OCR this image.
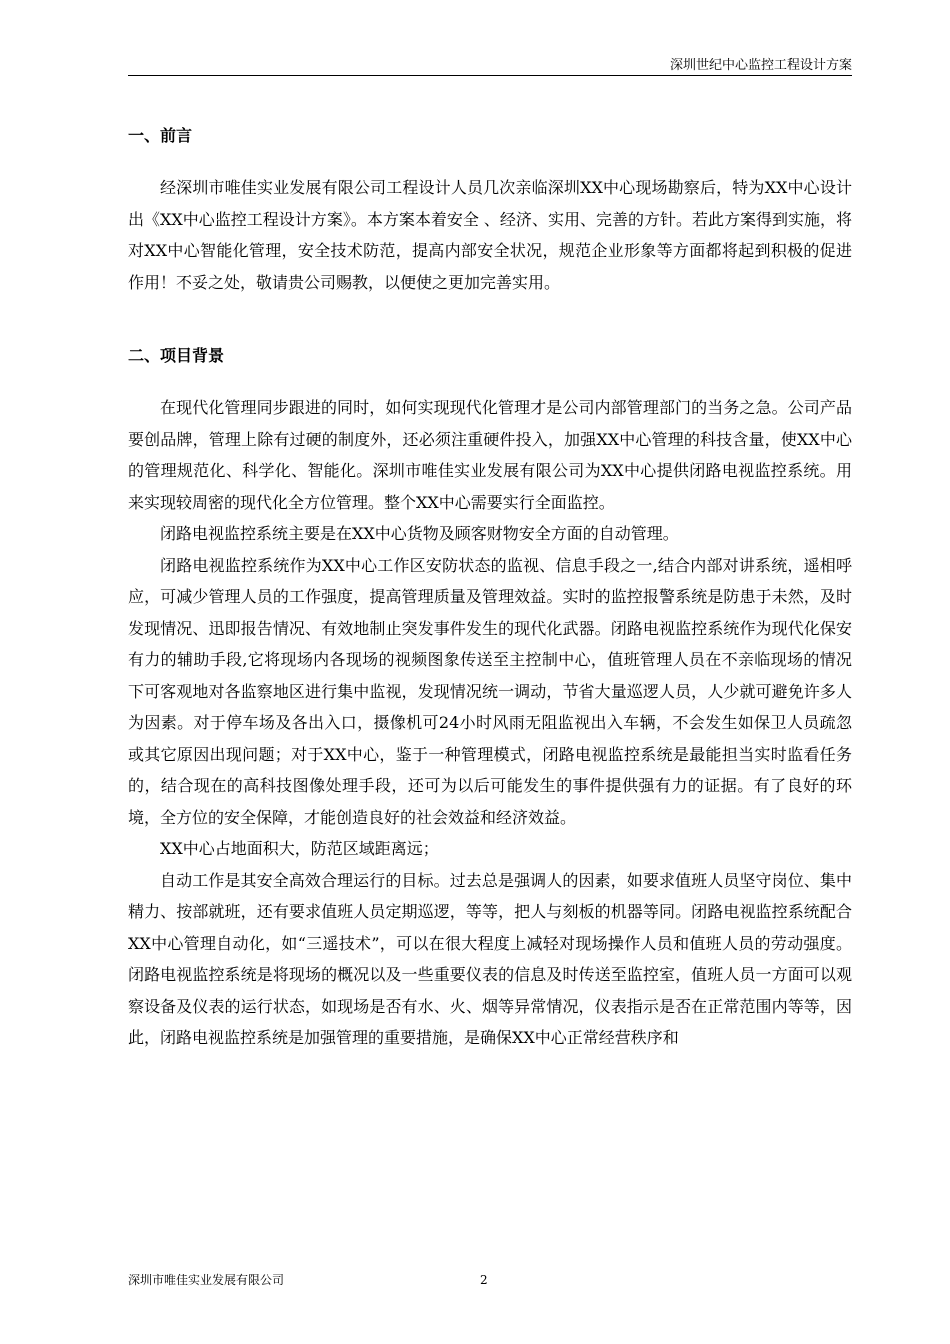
深圳世纪中心监控工程设计方案
一、前言

经深圳市唯佳实业发展有限公司工程设计人员几次亲临深圳XX中心现场勘察后，特为XX中心设计出《XX中心监控工程设计方案》。本方案本着安全 、经济、实用、完善的方针。若此方案得到实施，将对XX中心智能化管理，安全技术防范，提高内部安全状况，规范企业形象等方面都将起到积极的促进作用！不妥之处，敬请贵公司赐教，以便使之更加完善实用。

二、项目背景

在现代化管理同步跟进的同时，如何实现现代化管理才是公司内部管理部门的当务之急。公司产品要创品牌，管理上除有过硬的制度外，还必须注重硬件投入，加强XX中心管理的科技含量，使XX中心的管理规范化、科学化、智能化。深圳市唯佳实业发展有限公司为XX中心提供闭路电视监控系统。用来实现较周密的现代化全方位管理。整个XX中心需要实行全面监控。

闭路电视监控系统主要是在XX中心货物及顾客财物安全方面的自动管理。

闭路电视监控系统作为XX中心工作区安防状态的监视、信息手段之一,结合内部对讲系统，遥相呼应，可减少管理人员的工作强度，提高管理质量及管理效益。实时的监控报警系统是防患于未然，及时发现情况、迅即报告情况、有效地制止突发事件发生的现代化武器。闭路电视监控系统作为现代化保安有力的辅助手段,它将现场内各现场的视频图象传送至主控制中心，值班管理人员在不亲临现场的情况下可客观地对各监察地区进行集中监视，发现情况统一调动，节省大量巡逻人员，人少就可避免许多人为因素。对于停车场及各出入口，摄像机可24小时风雨无阻监视出入车辆，不会发生如保卫人员疏忽或其它原因出现问题；对于XX中心，鉴于一种管理模式，闭路电视监控系统是最能担当实时监看任务的，结合现在的高科技图像处理手段，还可为以后可能发生的事件提供强有力的证据。有了良好的环境，全方位的安全保障，才能创造良好的社会效益和经济效益。

XX中心占地面积大，防范区域距离远；

自动工作是其安全高效合理运行的目标。过去总是强调人的因素，如要求值班人员坚守岗位、集中精力、按部就班，还有要求值班人员定期巡逻，等等，把人与刻板的机器等同。闭路电视监控系统配合XX中心管理自动化，如“三遥技术”，可以在很大程度上减轻对现场操作人员和值班人员的劳动强度。闭路电视监控系统是将现场的概况以及一些重要仪表的信息及时传送至监控室，值班人员一方面可以观察设备及仪表的运行状态，如现场是否有水、火、烟等异常情况，仪表指示是否在正常范围内等等，因此，闭路电视监控系统是加强管理的重要措施，是确保XX中心正常经营秩序和

深圳市唯佳实业发展有限公司	2
